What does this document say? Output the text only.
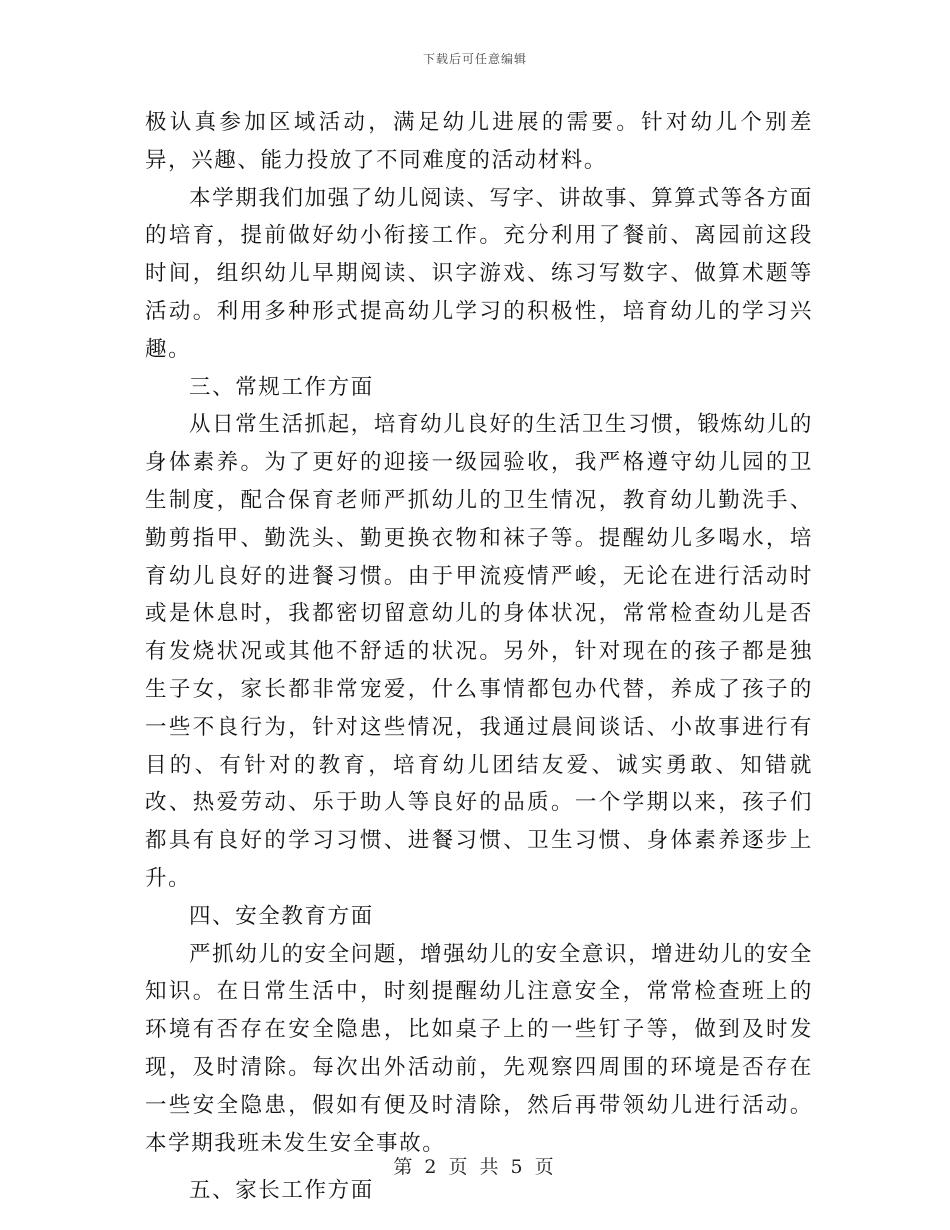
下载后可任意编辑

极认真参加区域活动，满足幼儿进展的需要。针对幼儿个别差异，兴趣、能力投放了不同难度的活动材料。

本学期我们加强了幼儿阅读、写字、讲故事、算算式等各方面的培育，提前做好幼小衔接工作。充分利用了餐前、离园前这段时间，组织幼儿早期阅读、识字游戏、练习写数字、做算术题等活动。利用多种形式提高幼儿学习的积极性，培育幼儿的学习兴趣。

三、常规工作方面

从日常生活抓起，培育幼儿良好的生活卫生习惯，锻炼幼儿的身体素养。为了更好的迎接一级园验收，我严格遵守幼儿园的卫生制度，配合保育老师严抓幼儿的卫生情况，教育幼儿勤洗手、勤剪指甲、勤洗头、勤更换衣物和袜子等。提醒幼儿多喝水，培育幼儿良好的进餐习惯。由于甲流疫情严峻，无论在进行活动时或是休息时，我都密切留意幼儿的身体状况，常常检查幼儿是否有发烧状况或其他不舒适的状况。另外，针对现在的孩子都是独生子女，家长都非常宠爱，什么事情都包办代替，养成了孩子的一些不良行为，针对这些情况，我通过晨间谈话、小故事进行有目的、有针对的教育，培育幼儿团结友爱、诚实勇敢、知错就改、热爱劳动、乐于助人等良好的品质。一个学期以来，孩子们都具有良好的学习习惯、进餐习惯、卫生习惯、身体素养逐步上升。

四、安全教育方面

严抓幼儿的安全问题，增强幼儿的安全意识，增进幼儿的安全知识。在日常生活中，时刻提醒幼儿注意安全，常常检查班上的环境有否存在安全隐患，比如桌子上的一些钉子等，做到及时发现，及时清除。每次出外活动前，先观察四周围的环境是否存在一些安全隐患，假如有便及时清除，然后再带领幼儿进行活动。本学期我班未发生安全事故。

五、家长工作方面

第 2 页 共 5 页
